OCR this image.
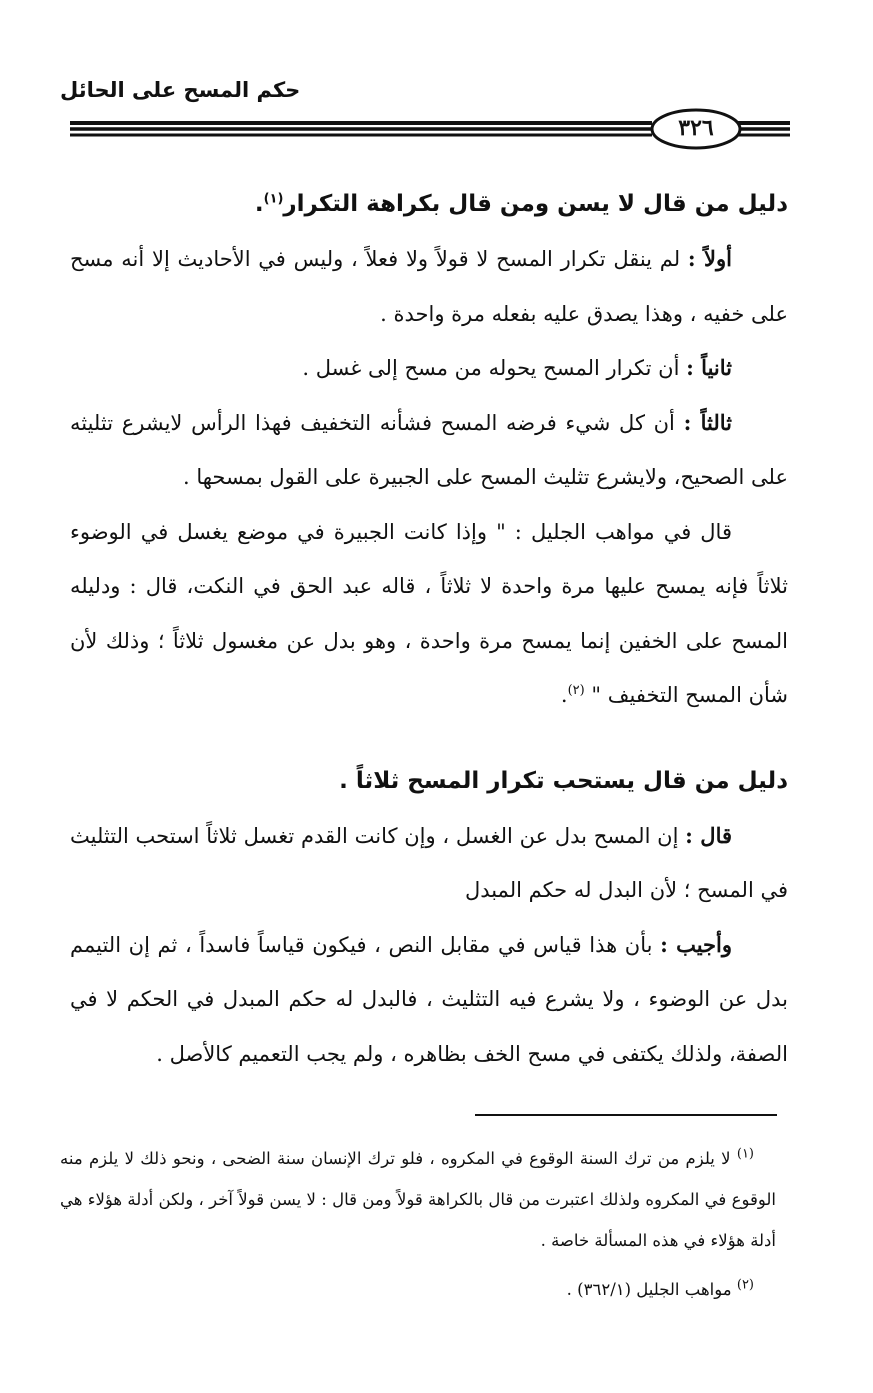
حكم المسح على الحائل
٣٢٦

دليل من قال لا يسن ومن قال بكراهة التكرار$^{(١)}$.

أولاً : لم ينقل تكرار المسح لا قولاً ولا فعلاً ، وليس في الأحاديث إلا أنه مسح على خفيه ، وهذا يصدق عليه بفعله مرة واحدة .

ثانياً : أن تكرار المسح يحوله من مسح إلى غسل .

ثالثاً : أن كل شيء فرضه المسح فشأنه التخفيف فهذا الرأس لايشرع تثليثه على الصحيح، ولايشرع تثليث المسح على الجبيرة على القول بمسحها .

قال في مواهب الجليل : " وإذا كانت الجبيرة في موضع يغسل في الوضوء ثلاثاً فإنه يمسح عليها مرة واحدة لا ثلاثاً ، قاله عبد الحق في النكت، قال : ودليله المسح على الخفين إنما يمسح مرة واحدة ، وهو بدل عن مغسول ثلاثاً ؛ وذلك لأن شأن المسح التخفيف " $^{(٢)}$.

دليل من قال يستحب تكرار المسح ثلاثاً .

قال : إن المسح بدل عن الغسل ، وإن كانت القدم تغسل ثلاثاً استحب التثليث في المسح ؛ لأن البدل له حكم المبدل

وأجيب : بأن هذا قياس في مقابل النص ، فيكون قياساً فاسداً ، ثم إن التيمم بدل عن الوضوء ، ولا يشرع فيه التثليث ، فالبدل له حكم المبدل في الحكم لا في الصفة، ولذلك يكتفى في مسح الخف بظاهره ، ولم يجب التعميم كالأصل .

$^{(١)}$ لا يلزم من ترك السنة الوقوع في المكروه ، فلو ترك الإنسان سنة الضحى ، ونحو ذلك لا يلزم منه الوقوع في المكروه ولذلك اعتبرت من قال بالكراهة قولاً ومن قال : لا يسن قولاً آخر ، ولكن أدلة هؤلاء هي أدلة هؤلاء في هذه المسألة خاصة .

$^{(٢)}$ مواهب الجليل (٣٦٢/١) .
